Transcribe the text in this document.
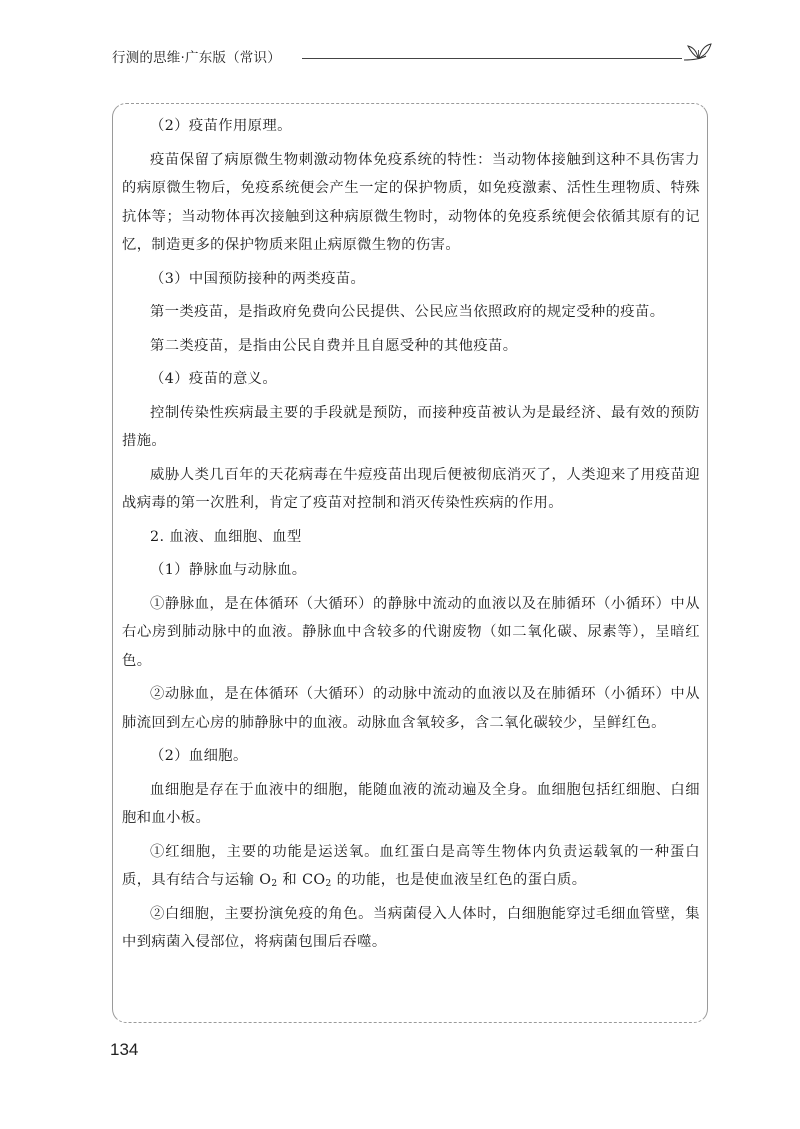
行测的思维·广东版（常识）

（2）疫苗作用原理。

疫苗保留了病原微生物刺激动物体免疫系统的特性：当动物体接触到这种不具伤害力的病原微生物后，免疫系统便会产生一定的保护物质，如免疫激素、活性生理物质、特殊抗体等；当动物体再次接触到这种病原微生物时，动物体的免疫系统便会依循其原有的记忆，制造更多的保护物质来阻止病原微生物的伤害。

（3）中国预防接种的两类疫苗。

第一类疫苗，是指政府免费向公民提供、公民应当依照政府的规定受种的疫苗。

第二类疫苗，是指由公民自费并且自愿受种的其他疫苗。

（4）疫苗的意义。

控制传染性疾病最主要的手段就是预防，而接种疫苗被认为是最经济、最有效的预防措施。

威胁人类几百年的天花病毒在牛痘疫苗出现后便被彻底消灭了，人类迎来了用疫苗迎战病毒的第一次胜利，肯定了疫苗对控制和消灭传染性疾病的作用。

2. 血液、血细胞、血型

（1）静脉血与动脉血。

①静脉血，是在体循环（大循环）的静脉中流动的血液以及在肺循环（小循环）中从右心房到肺动脉中的血液。静脉血中含较多的代谢废物（如二氧化碳、尿素等），呈暗红色。

②动脉血，是在体循环（大循环）的动脉中流动的血液以及在肺循环（小循环）中从肺流回到左心房的肺静脉中的血液。动脉血含氧较多，含二氧化碳较少，呈鲜红色。

（2）血细胞。

血细胞是存在于血液中的细胞，能随血液的流动遍及全身。血细胞包括红细胞、白细胞和血小板。

①红细胞，主要的功能是运送氧。血红蛋白是高等生物体内负责运载氧的一种蛋白质，具有结合与运输 $O_2$ 和 $CO_2$ 的功能，也是使血液呈红色的蛋白质。

②白细胞，主要扮演免疫的角色。当病菌侵入人体时，白细胞能穿过毛细血管壁，集中到病菌入侵部位，将病菌包围后吞噬。

134
